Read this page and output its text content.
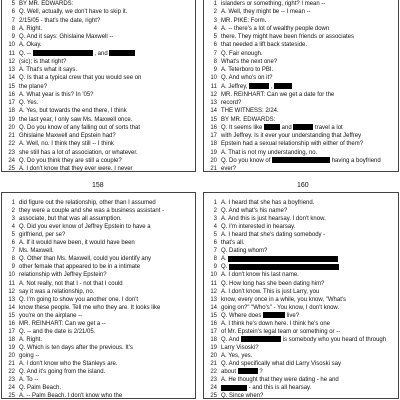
5 BY MR. EDWARDS:
6 Q. Well, actually, we don't have to skip it.
7 2/15/05 - that's the date, right?
8 A. Right.
9 Q. And it says: Ghislaine Maxwell --
10 A. Okay.
11 Q. --	, and
12 (sic); is that right?
13 A. That's what it says.
14 Q. Is that a typical crew that you would see on
15 the plane?
16 A. What year is this? In '05?
17 Q. Yes.
18 A. Yes, but towards the end there, I think
19 the last year, I only saw Ms. Maxwell once.
20 Q. Do you know of any falling out of sorts that
21 Ghislaine Maxwell and Epstein had?
22 A. Well, no. I think they still -- I think
23 she still has a lot of association, or whatever.
24 Q. Do you think they are still a couple?
25 A. I don't know that they ever were. I never
1 islanders or something, right? I mean --
2 A. Well, they might be -- I mean --
3 MR. PIKE: Form.
4 A. -- there's a lot of wealthy people down
5 there. They might have been friends or associates
6 that needed a lift back stateside.
7 Q. Fair enough.
8 What's the next one?
9 A. Teterboro to PBI.
10 Q. And who's on it?
11 A. Jeffrey,	,
12 MR. REINHART: Can we get a date for the
13 record?
14 THE WITNESS: 2/24.
15 BY MR. EDWARDS:
16 Q. It seems like	and	travel a lot
17 with Jeffrey. Is it ever your understanding that Jeffrey
18 Epstein had a sexual relationship with either of them?
19 A. That is not my understanding, no.
20 Q. Do you know of	having a boyfriend
21 ever?
158	160
1 did figure out the relationship, other than I assumed
2 they were a couple and she was a business assistant -
3 associate, but that was all assumption.
4 Q. Did you ever know of Jeffrey Epstein to have a
5 girlfriend, per se?
6 A. If it would have been, it would have been
7 Ms. Maxwell.
8 Q. Other than Ms. Maxwell, could you identify any
9 other female that appeared to be in a intimate
10 relationship with Jeffrey Epstein?
11 A. Not really, not that I - not that I could
12 say it was a relationship, no.
13 Q. I'm going to show you another one. I don't
14 know these people. Tell me who they are. It looks like
15 you're on the airplane --
16 MR. REINHART: Can we get a --
17 Q. -- and the date is 2/21/05.
18 A. Right.
19 Q. Which is ten days after the previous. It's
20 going --
21 A. I don't know who the Stanleys are.
22 Q. And it's going from the island.
23 A. To --
24 Q. Palm Beach.
25 A. -- Palm Beach. I don't know who the
1 A. I heard that she has a boyfriend.
2 Q. And what's his name?
3 A. And this is just hearsay. I don't know.
4 Q. I'm interested in hearsay.
5 A. I heard that she's dating somebody -
6 that's all.
7 Q. Dating whom?
8 A.
9 Q.
10 A. I don't know his last name.
11 Q. How long has she been dating him?
12 A. I don't know. This is just Larry, you
13 know, every once in a while, you know, "What's
14 going on?" "Who's" - You know, I don't know.
15 Q. Where does	live?
16 A. I think he's down here. I think he's one
17 of Mr. Epstein's legal team or something or --
18 Q. And	is somebody who you heard of through
19 Larry Visoski?
20 A. Yes, yes.
21 Q. And specifically what did Larry Visoski say
22 about	?
23 A. He thought that they were dating - he and
24	- and this is all hearsay.
25 Q. Since when?
